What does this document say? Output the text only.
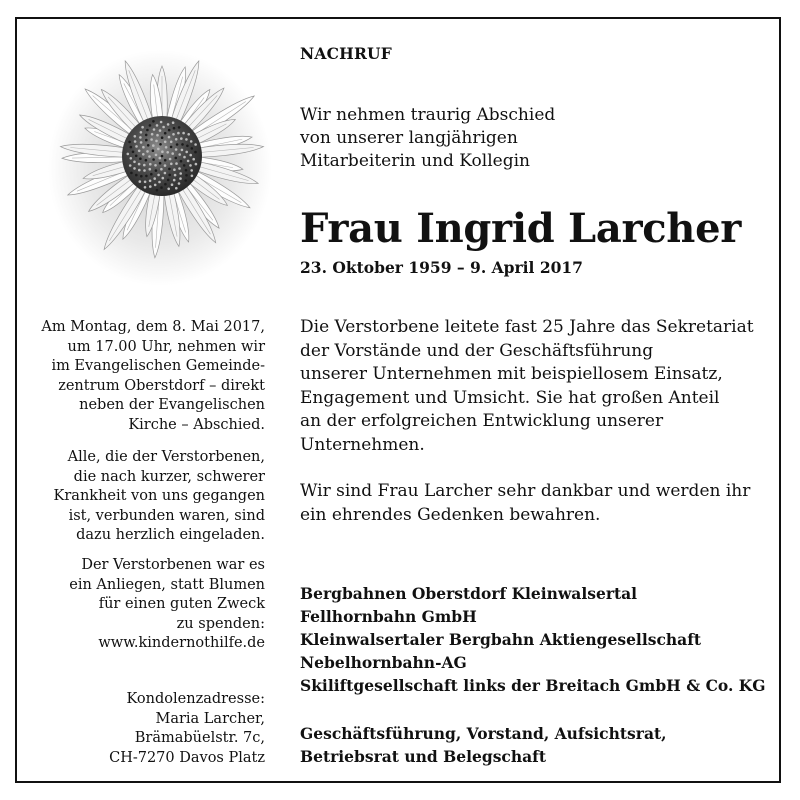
NACHRUF
Wir nehmen traurig Abschied
von unserer langjährigen
Mitarbeiterin und Kollegin
Frau Ingrid Larcher
23. Oktober 1959 – 9. April 2017
Die Verstorbene leitete fast 25 Jahre das Sekretariat
der Vorstände und der Geschäftsführung
unserer Unternehmen mit beispiellosem Einsatz,
Engagement und Umsicht. Sie hat großen Anteil
an der erfolgreichen Entwicklung unserer
Unternehmen.
Wir sind Frau Larcher sehr dankbar und werden ihr
ein ehrendes Gedenken bewahren.
Bergbahnen Oberstdorf Kleinwalsertal
Fellhornbahn GmbH
Kleinwalsertaler Bergbahn Aktiengesellschaft
Nebelhornbahn-AG
Skiliftgesellschaft links der Breitach GmbH & Co. KG
Geschäftsführung, Vorstand, Aufsichtsrat,
Betriebsrat und Belegschaft
Am Montag, dem 8. Mai 2017,
um 17.00 Uhr, nehmen wir
im Evangelischen Gemeinde-
zentrum Oberstdorf – direkt
neben der Evangelischen
Kirche – Abschied.
Alle, die der Verstorbenen,
die nach kurzer, schwerer
Krankheit von uns gegangen
ist, verbunden waren, sind
dazu herzlich eingeladen.
Der Verstorbenen war es
ein Anliegen, statt Blumen
für einen guten Zweck
zu spenden:
www.kindernothilfe.de
Kondolenzadresse:
Maria Larcher,
Brämabüelstr. 7c,
CH-7270 Davos Platz
